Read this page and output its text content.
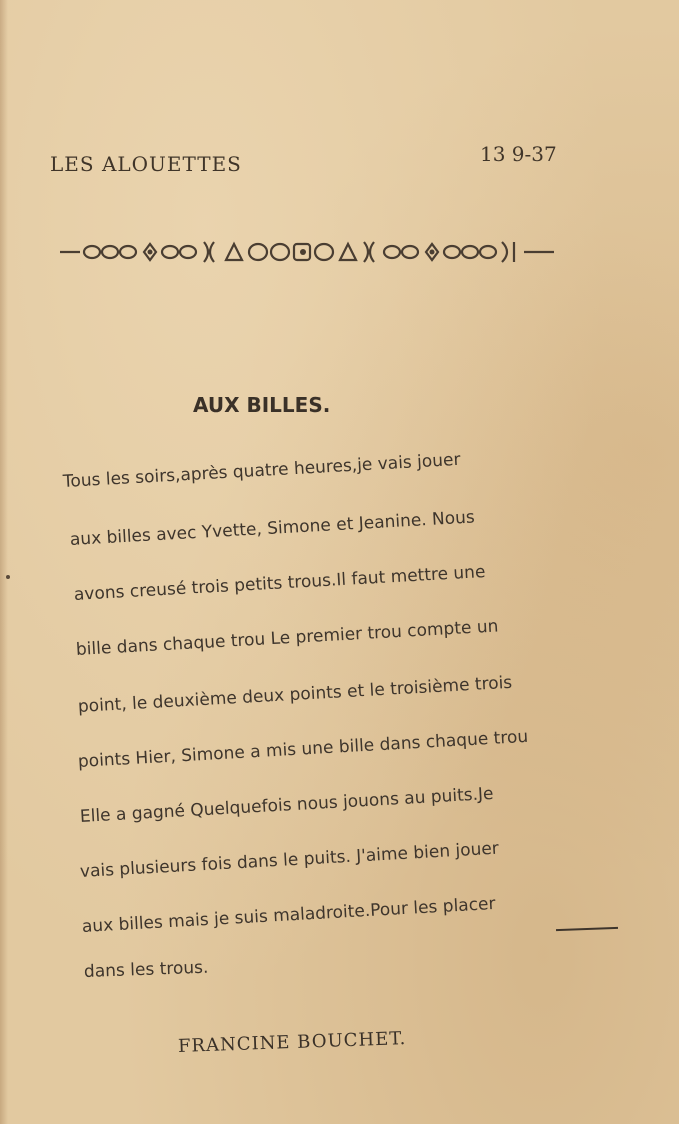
LES ALOUETTES	13 9-37
AUX BILLES.
Tous les soirs,après quatre heures,je vais jouer
aux billes avec Yvette, Simone et Jeanine. Nous
avons creusé trois petits trous.Il faut mettre une
bille dans chaque trou Le premier trou compte un
point, le deuxième deux points et le troisième trois
points Hier, Simone a mis une bille dans chaque trou
Elle a gagné Quelquefois nous jouons au puits.Je
vais plusieurs fois dans le puits. J'aime bien jouer
aux billes mais je suis maladroite.Pour les placer
dans les trous.
FRANCINE BOUCHET.
